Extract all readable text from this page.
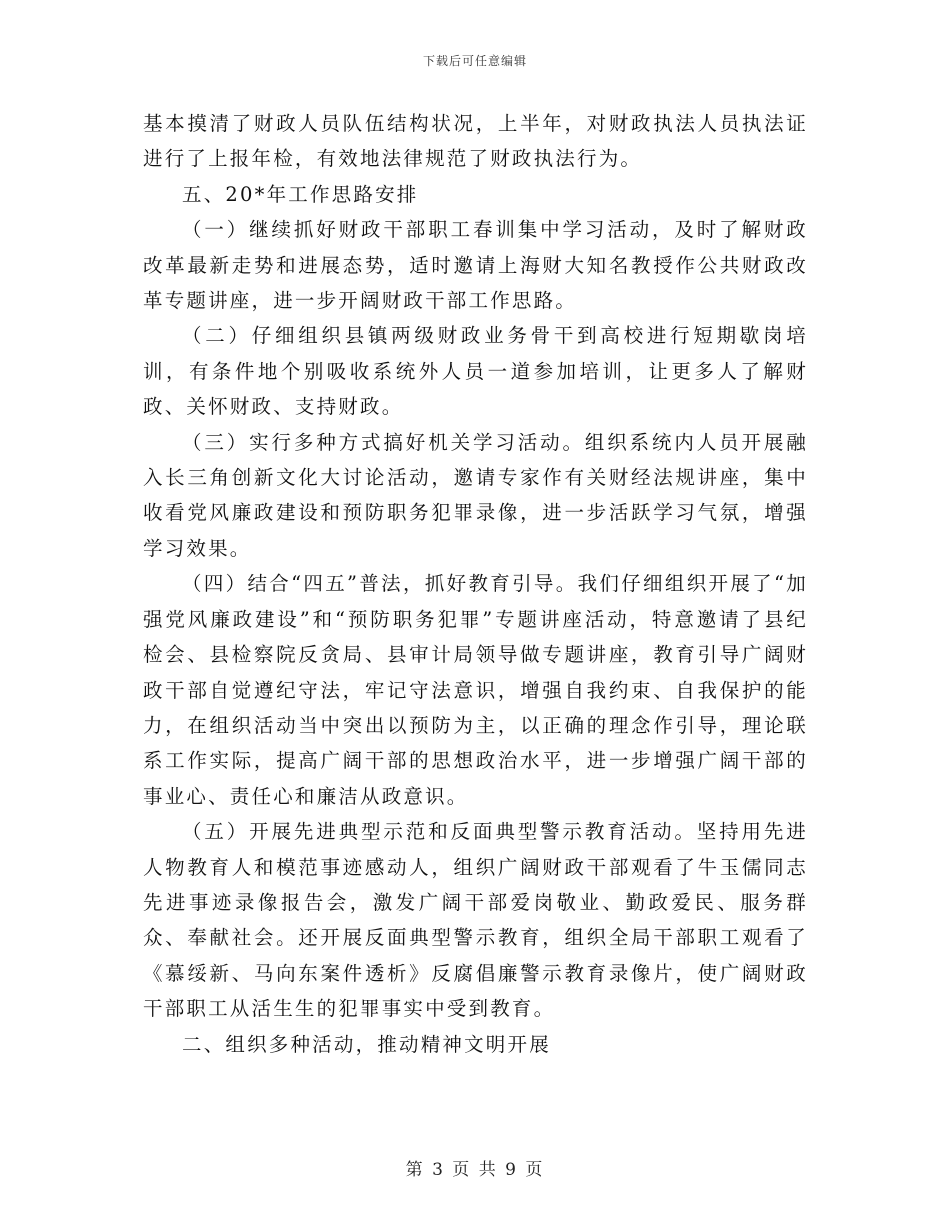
下载后可任意编辑

基本摸清了财政人员队伍结构状况，上半年，对财政执法人员执法证进行了上报年检，有效地法律规范了财政执法行为。

五、20*年工作思路安排

（一）继续抓好财政干部职工春训集中学习活动，及时了解财政改革最新走势和进展态势，适时邀请上海财大知名教授作公共财政改革专题讲座，进一步开阔财政干部工作思路。

（二）仔细组织县镇两级财政业务骨干到高校进行短期歇岗培训，有条件地个别吸收系统外人员一道参加培训，让更多人了解财政、关怀财政、支持财政。

（三）实行多种方式搞好机关学习活动。组织系统内人员开展融入长三角创新文化大讨论活动，邀请专家作有关财经法规讲座，集中收看党风廉政建设和预防职务犯罪录像，进一步活跃学习气氛，增强学习效果。

（四）结合“四五”普法，抓好教育引导。我们仔细组织开展了“加强党风廉政建设”和“预防职务犯罪”专题讲座活动，特意邀请了县纪检会、县检察院反贪局、县审计局领导做专题讲座，教育引导广阔财政干部自觉遵纪守法，牢记守法意识，增强自我约束、自我保护的能力，在组织活动当中突出以预防为主，以正确的理念作引导，理论联系工作实际，提高广阔干部的思想政治水平，进一步增强广阔干部的事业心、责任心和廉洁从政意识。

（五）开展先进典型示范和反面典型警示教育活动。坚持用先进人物教育人和模范事迹感动人，组织广阔财政干部观看了牛玉儒同志先进事迹录像报告会，激发广阔干部爱岗敬业、勤政爱民、服务群众、奉献社会。还开展反面典型警示教育，组织全局干部职工观看了《慕绥新、马向东案件透析》反腐倡廉警示教育录像片，使广阔财政干部职工从活生生的犯罪事实中受到教育。

二、组织多种活动，推动精神文明开展

第 3 页 共 9 页
